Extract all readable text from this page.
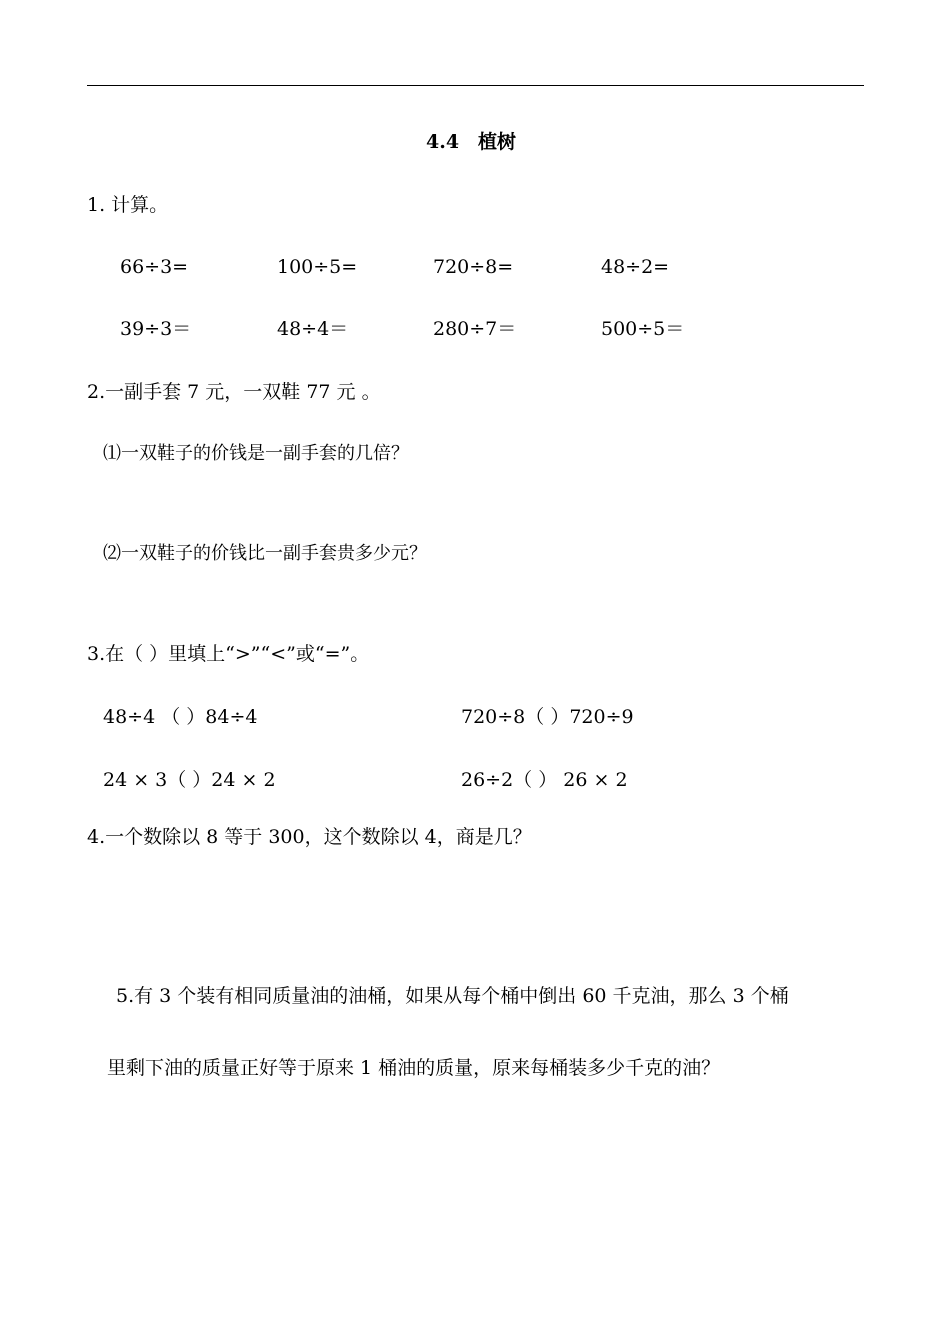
4.4　植树
1. 计算。
66÷3=	100÷5=	720÷8=	48÷2=
39÷3＝	48÷4＝	280÷7＝	500÷5＝
2.一副手套 7 元，一双鞋 77 元 。
⑴一双鞋子的价钱是一副手套的几倍？
⑵一双鞋子的价钱比一副手套贵多少元？
3.在（ ）里填上“>”“<”或“=”。
48÷4 （ ）84÷4	720÷8（ ）720÷9
24 × 3（ ）24 × 2	26÷2（ ） 26 × 2
4.一个数除以 8 等于 300，这个数除以 4，商是几？
5.有 3 个装有相同质量油的油桶，如果从每个桶中倒出 60 千克油，那么 3 个桶
里剩下油的质量正好等于原来 1 桶油的质量，原来每桶装多少千克的油？
